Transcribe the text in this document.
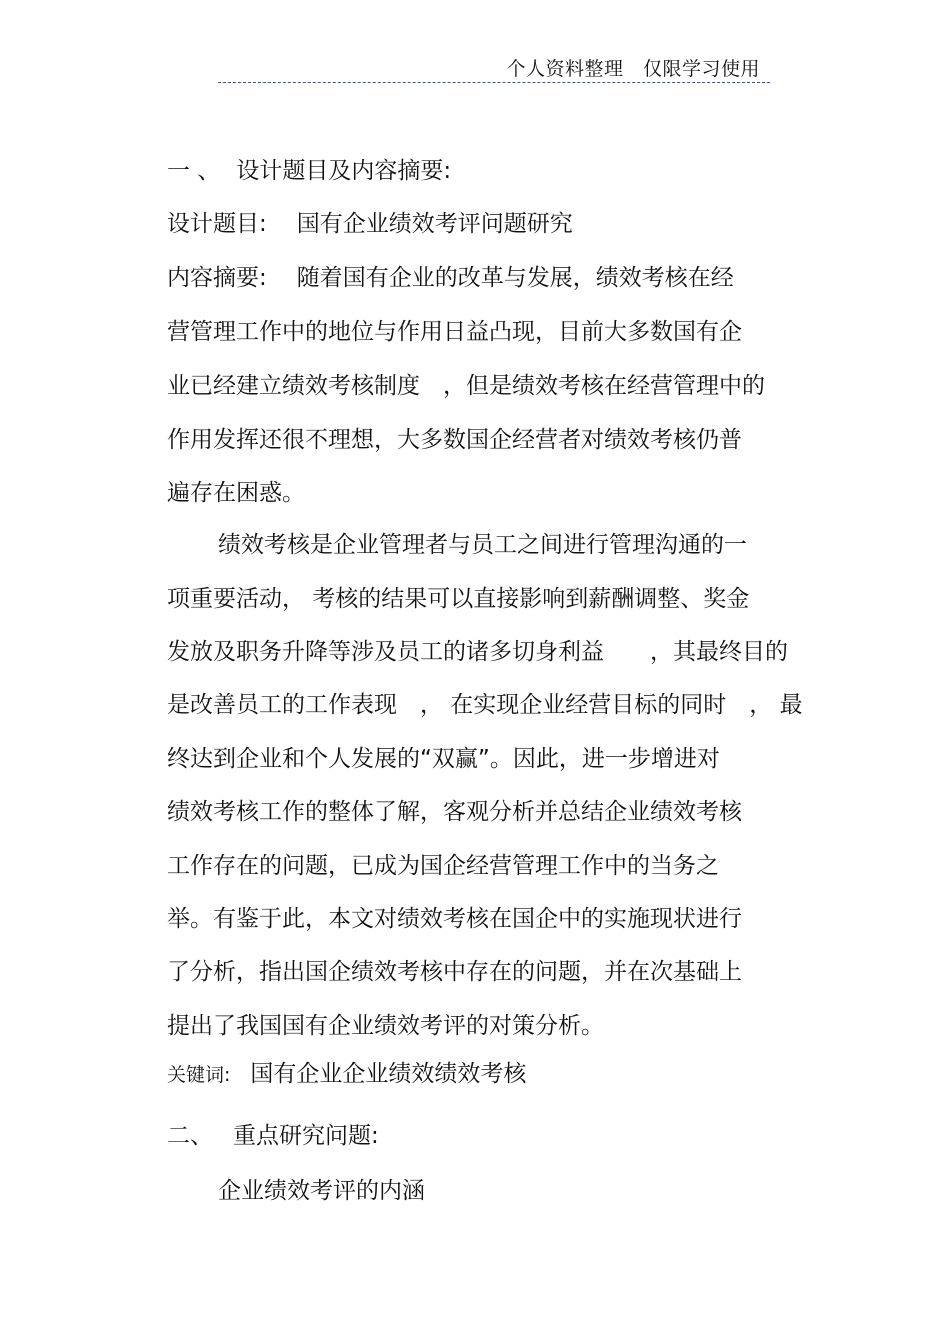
个人资料整理　仅限学习使用
一 、 设计题目及内容摘要:
设计题目: 国有企业绩效考评问题研究
内容摘要: 随着国有企业的改革与发展，绩效考核在经
营管理工作中的地位与作用日益凸现，目前大多数国有企
业已经建立绩效考核制度　，但是绩效考核在经营管理中的
作用发挥还很不理想，大多数国企经营者对绩效考核仍普
遍存在困惑。
绩效考核是企业管理者与员工之间进行管理沟通的一
项重要活动， 考核的结果可以直接影响到薪酬调整、奖金
发放及职务升降等涉及员工的诸多切身利益　　，其最终目的
是改善员工的工作表现　， 在实现企业经营目标的同时　， 最
终达到企业和个人发展的“双赢”。因此，进一步增进对
绩效考核工作的整体了解，客观分析并总结企业绩效考核
工作存在的问题，已成为国企经营管理工作中的当务之
举。有鉴于此，本文对绩效考核在国企中的实施现状进行
了分析，指出国企绩效考核中存在的问题，并在次基础上
提出了我国国有企业绩效考评的对策分析。
关键词: 国有企业企业绩效绩效考核
二、 重点研究问题:
企业绩效考评的内涵
